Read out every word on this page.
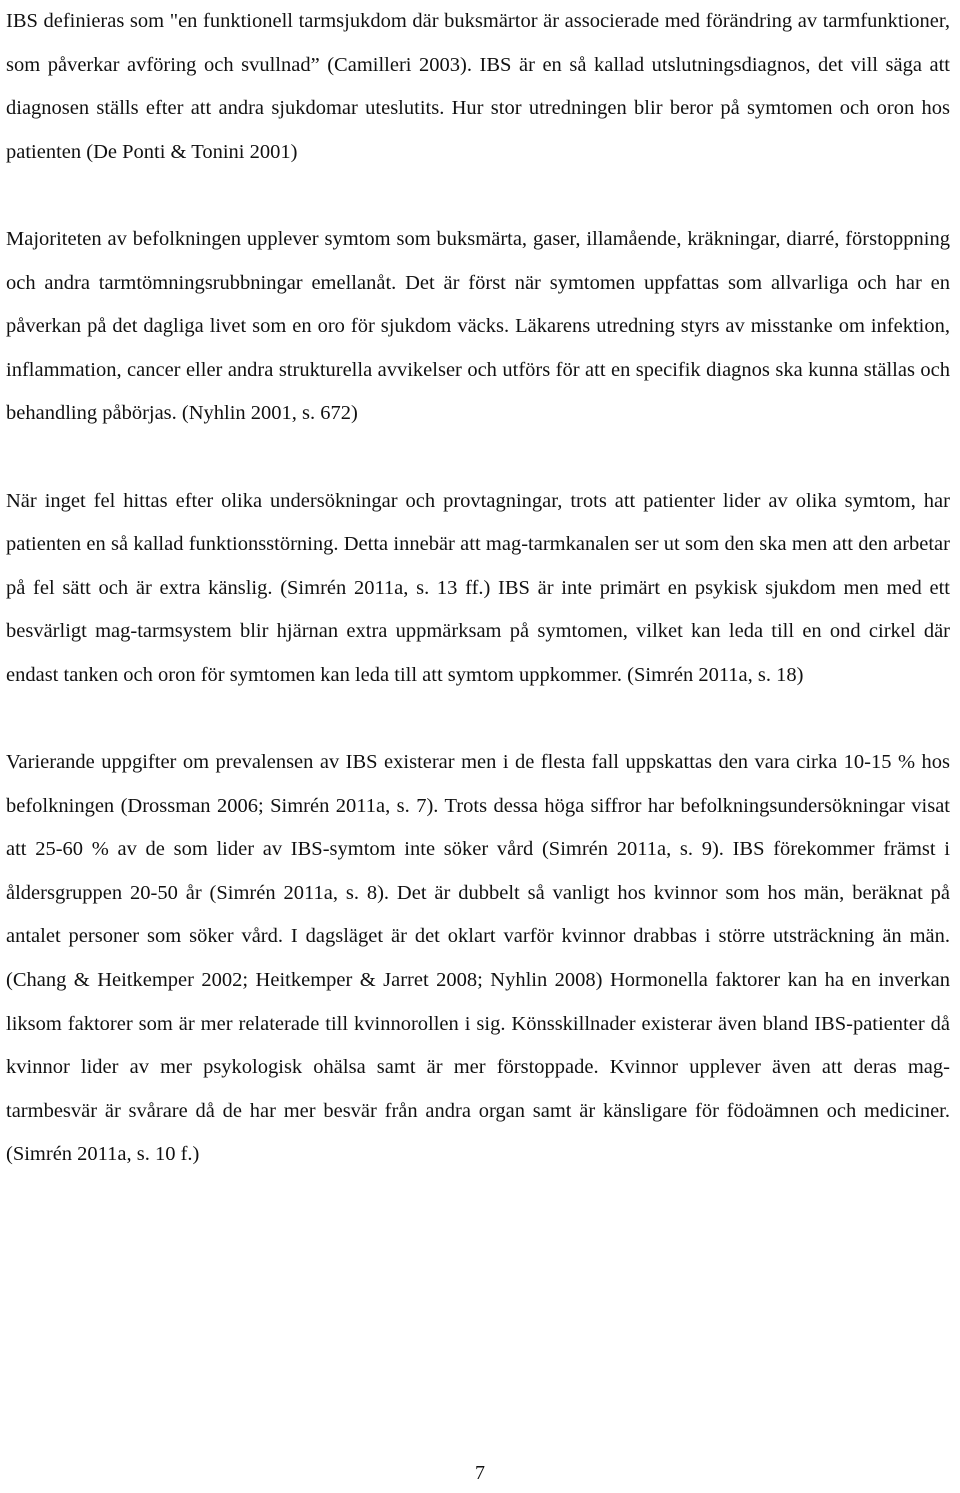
IBS definieras som "en funktionell tarmsjukdom där buksmärtor är associerade med förändring av tarmfunktioner, som påverkar avföring och svullnad” (Camilleri 2003). IBS är en så kallad utslutningsdiagnos, det vill säga att diagnosen ställs efter att andra sjukdomar uteslutits. Hur stor utredningen blir beror på symtomen och oron hos patienten (De Ponti & Tonini 2001)

Majoriteten av befolkningen upplever symtom som buksmärta, gaser, illamående, kräkningar, diarré, förstoppning och andra tarmtömningsrubbningar emellanåt. Det är först när symtomen uppfattas som allvarliga och har en påverkan på det dagliga livet som en oro för sjukdom väcks. Läkarens utredning styrs av misstanke om infektion, inflammation, cancer eller andra strukturella avvikelser och utförs för att en specifik diagnos ska kunna ställas och behandling påbörjas. (Nyhlin 2001, s. 672)

När inget fel hittas efter olika undersökningar och provtagningar, trots att patienter lider av olika symtom, har patienten en så kallad funktionsstörning. Detta innebär att mag-tarmkanalen ser ut som den ska men att den arbetar på fel sätt och är extra känslig. (Simrén 2011a, s. 13 ff.) IBS är inte primärt en psykisk sjukdom men med ett besvärligt mag-tarmsystem blir hjärnan extra uppmärksam på symtomen, vilket kan leda till en ond cirkel där endast tanken och oron för symtomen kan leda till att symtom uppkommer. (Simrén 2011a, s. 18)

Varierande uppgifter om prevalensen av IBS existerar men i de flesta fall uppskattas den vara cirka 10-15 % hos befolkningen (Drossman 2006; Simrén 2011a, s. 7). Trots dessa höga siffror har befolkningsundersökningar visat att 25-60 % av de som lider av IBS-symtom inte söker vård (Simrén 2011a, s. 9). IBS förekommer främst i åldersgruppen 20-50 år (Simrén 2011a, s. 8). Det är dubbelt så vanligt hos kvinnor som hos män, beräknat på antalet personer som söker vård. I dagsläget är det oklart varför kvinnor drabbas i större utsträckning än män. (Chang & Heitkemper 2002; Heitkemper & Jarret 2008; Nyhlin 2008) Hormonella faktorer kan ha en inverkan liksom faktorer som är mer relaterade till kvinnorollen i sig. Könsskillnader existerar även bland IBS-patienter då kvinnor lider av mer psykologisk ohälsa samt är mer förstoppade. Kvinnor upplever även att deras mag-tarmbesvär är svårare då de har mer besvär från andra organ samt är känsligare för födoämnen och mediciner. (Simrén 2011a, s. 10 f.)

7
